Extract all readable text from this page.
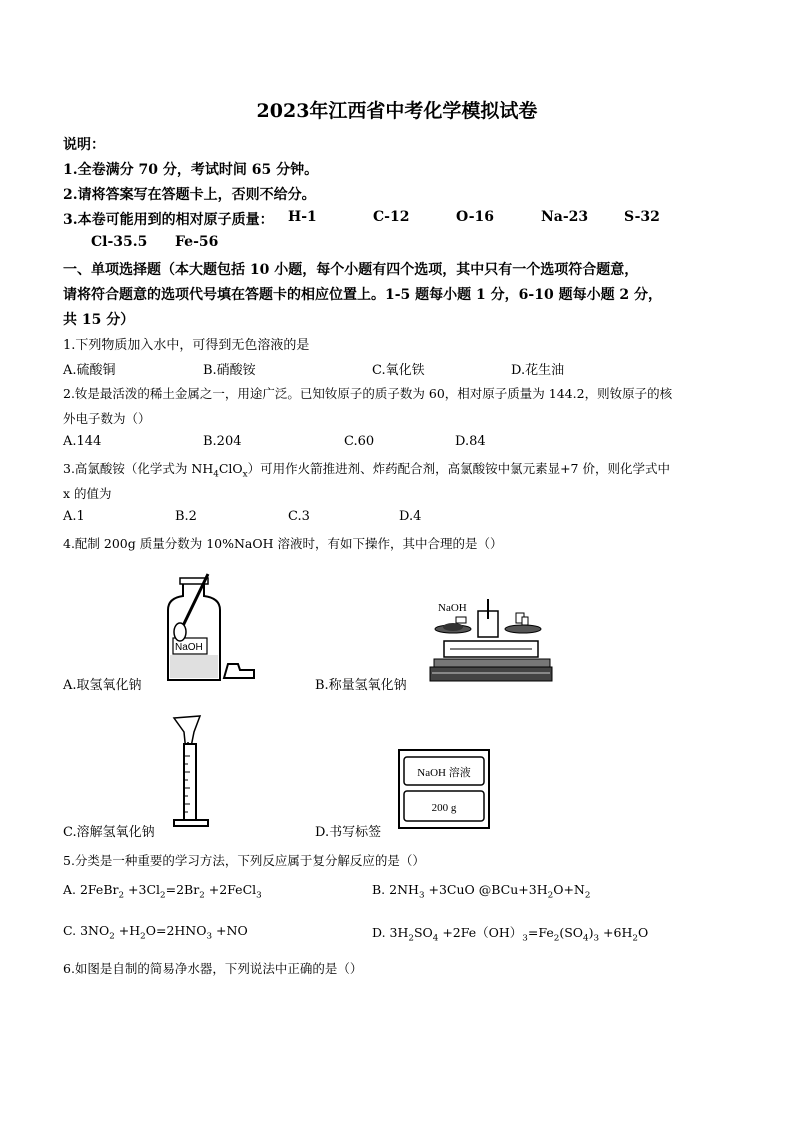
2023年江西省中考化学模拟试卷
说明：
1.全卷满分 70 分，考试时间 65 分钟。
2.请将答案写在答题卡上，否则不给分。
3.本卷可能用到的相对原子质量： H-1	C-12	O-16	Na-23	S-32
Cl-35.5 Fe-56
一、单项选择题（本大题包括 10 小题，每个小题有四个选项，其中只有一个选项符合题意，
请将符合题意的选项代号填在答题卡的相应位置上。1-5 题每小题 1 分，6-10 题每小题 2 分，
共 15 分）
1.下列物质加入水中，可得到无色溶液的是
A.硫酸铜	B.硝酸铵	C.氧化铁	D.花生油
2.钕是最活泼的稀土金属之一，用途广泛。已知钕原子的质子数为 60，相对原子质量为 144.2，则钕原子的核
外电子数为（）
A.144	B.204	C.60	D.84
3.高氯酸铵（化学式为 $NH_4ClO_x$）可用作火箭推进剂、炸药配合剂，高氯酸铵中氯元素显+7 价，则化学式中
x 的值为
A.1	B.2	C.3	D.4
4.配制 200g 质量分数为 10%NaOH 溶液时，有如下操作，其中合理的是（）
NaOH
A.取氢氧化钠
NaOH
B.称量氢氧化钠
C.溶解氢氧化钠
NaOH 溶液
200 g
D.书写标签
5.分类是一种重要的学习方法，下列反应属于复分解反应的是（）
A. 2FeBr$_2$ $+3Cl_2=2Br_2$ +2FeCl$_3$	B. $2NH_3 +3CuO$ $@BCu+3H_2O+N_2$
C. $3NO_2 +H_2O=2HNO_3 +NO$	D. $3H_2SO_4 +2Fe(OH)_3=Fe_2(SO_4)_3 +6H_2O$
6.如图是自制的简易净水器，下列说法中正确的是（）
